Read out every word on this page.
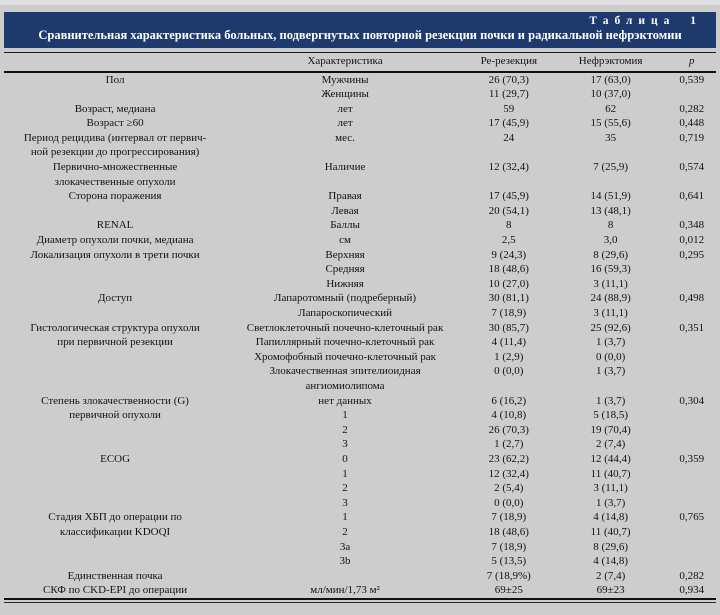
Таблица 1
Сравнительная характеристика больных, подвергнутых повторной резекции почки и радикальной нефрэктомии
	Характеристика	Ре-резекция	Нефрэктомия	p
Пол	Мужчины	26 (70,3)	17 (63,0)	0,539
	Женщины	11 (29,7)	10 (37,0)	
Возраст, медиана	лет	59	62	0,282
Возраст ≥60	лет	17 (45,9)	15 (55,6)	0,448
Период рецидива (интервал от первич-	мес.	24	35	0,719
ной резекции до прогрессирования)				
Первично-множественные	Наличие	12 (32,4)	7 (25,9)	0,574
злокачественные опухоли				
Сторона поражения	Правая	17 (45,9)	14 (51,9)	0,641
	Левая	20 (54,1)	13 (48,1)	
RENAL	Баллы	8	8	0,348
Диаметр опухоли почки, медиана	см	2,5	3,0	0,012
Локализация опухоли в трети почки	Верхняя	9 (24,3)	8 (29,6)	0,295
	Средняя	18 (48,6)	16 (59,3)	
	Нижняя	10 (27,0)	3 (11,1)	
Доступ	Лапаротомный (подреберный)	30 (81,1)	24 (88,9)	0,498
	Лапароскопический	7 (18,9)	3 (11,1)	
Гистологическая структура опухоли	Светлоклеточный почечно-клеточный рак	30 (85,7)	25 (92,6)	0,351
при первичной резекции	Папиллярный почечно-клеточный рак	4 (11,4)	1 (3,7)	
	Хромофобный почечно-клеточный рак	1 (2,9)	0 (0,0)	
	Злокачественная эпителиоидная	0 (0,0)	1 (3,7)	
	ангиомиолипома			
Степень злокачественности (G)	нет данных	6 (16,2)	1 (3,7)	0,304
первичной опухоли	1	4 (10,8)	5 (18,5)	
	2	26 (70,3)	19 (70,4)	
	3	1 (2,7)	2 (7,4)	
ECOG	0	23 (62,2)	12 (44,4)	0,359
	1	12 (32,4)	11 (40,7)	
	2	2 (5,4)	3 (11,1)	
	3	0 (0,0)	1 (3,7)	
Стадия ХБП до операции по	1	7 (18,9)	4 (14,8)	0,765
классификации KDOQI	2	18 (48,6)	11 (40,7)	
	3a	7 (18,9)	8 (29,6)	
	3b	5 (13,5)	4 (14,8)	
Единственная почка		7 (18,9%)	2 (7,4)	0,282
СКФ по CKD-EPI до операции	мл/мин/1,73 м²	69±25	69±23	0,934
